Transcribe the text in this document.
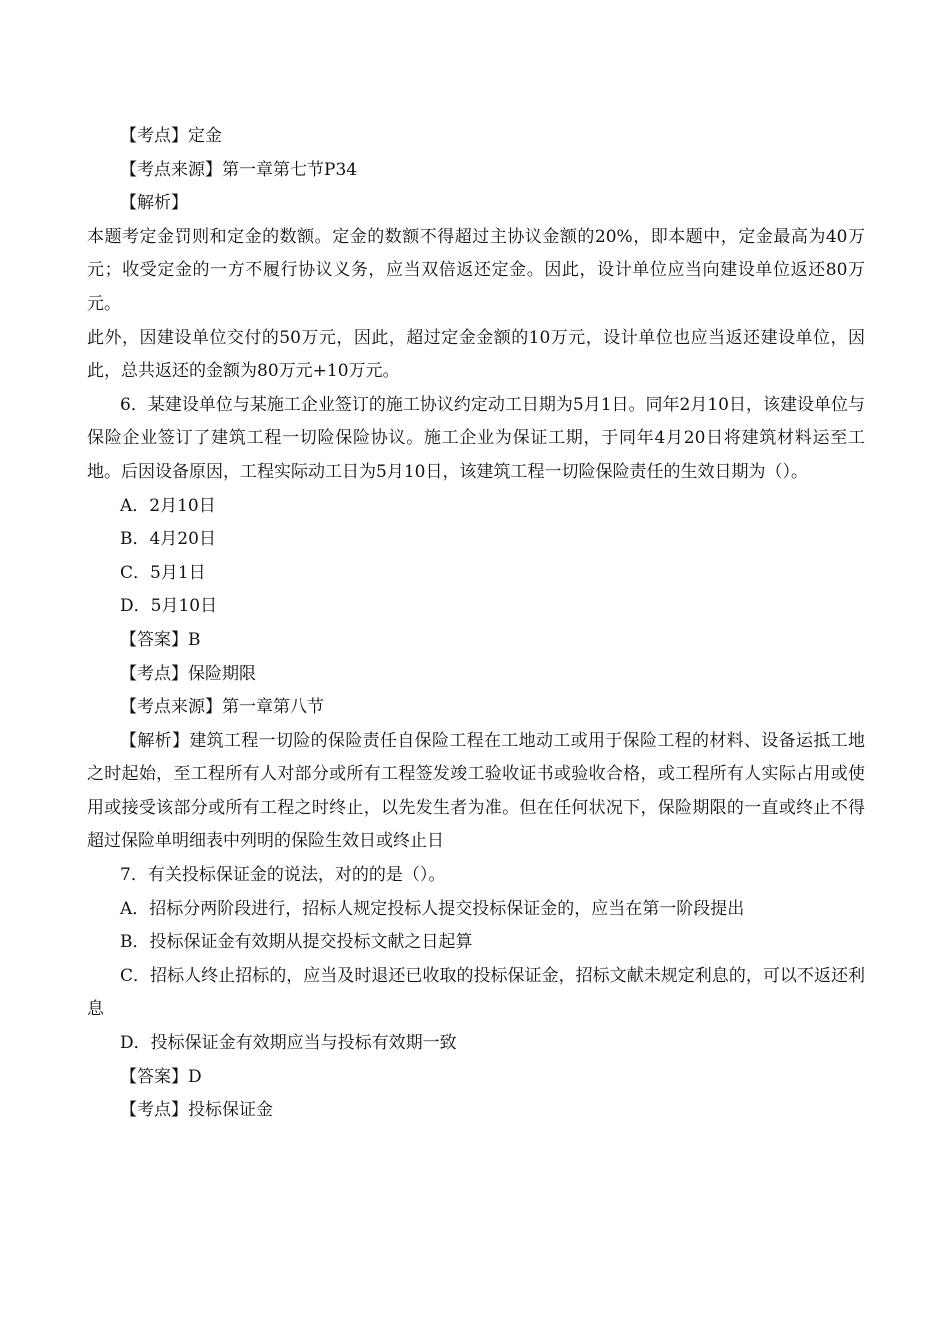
【考点】定金
【考点来源】第一章第七节P34
【解析】
本题考定金罚则和定金的数额。定金的数额不得超过主协议金额的20%，即本题中，定金最高为40万元；收受定金的一方不履行协议义务，应当双倍返还定金。因此，设计单位应当向建设单位返还80万元。
此外，因建设单位交付的50万元，因此，超过定金金额的10万元，设计单位也应当返还建设单位，因此，总共返还的金额为80万元+10万元。
6．某建设单位与某施工企业签订的施工协议约定动工日期为5月1日。同年2月10日，该建设单位与保险企业签订了建筑工程一切险保险协议。施工企业为保证工期，于同年4月20日将建筑材料运至工地。后因设备原因，工程实际动工日为5月10日，该建筑工程一切险保险责任的生效日期为（）。
A．2月10日
B．4月20日
C．5月1日
D．5月10日
【答案】B
【考点】保险期限
【考点来源】第一章第八节
【解析】建筑工程一切险的保险责任自保险工程在工地动工或用于保险工程的材料、设备运抵工地之时起始，至工程所有人对部分或所有工程签发竣工验收证书或验收合格，或工程所有人实际占用或使用或接受该部分或所有工程之时终止，以先发生者为准。但在任何状况下，保险期限的一直或终止不得超过保险单明细表中列明的保险生效日或终止日
7．有关投标保证金的说法，对的的是（）。
A．招标分两阶段进行，招标人规定投标人提交投标保证金的，应当在第一阶段提出
B．投标保证金有效期从提交投标文献之日起算
C．招标人终止招标的，应当及时退还已收取的投标保证金，招标文献未规定利息的，可以不返还利息
D．投标保证金有效期应当与投标有效期一致
【答案】D
【考点】投标保证金
